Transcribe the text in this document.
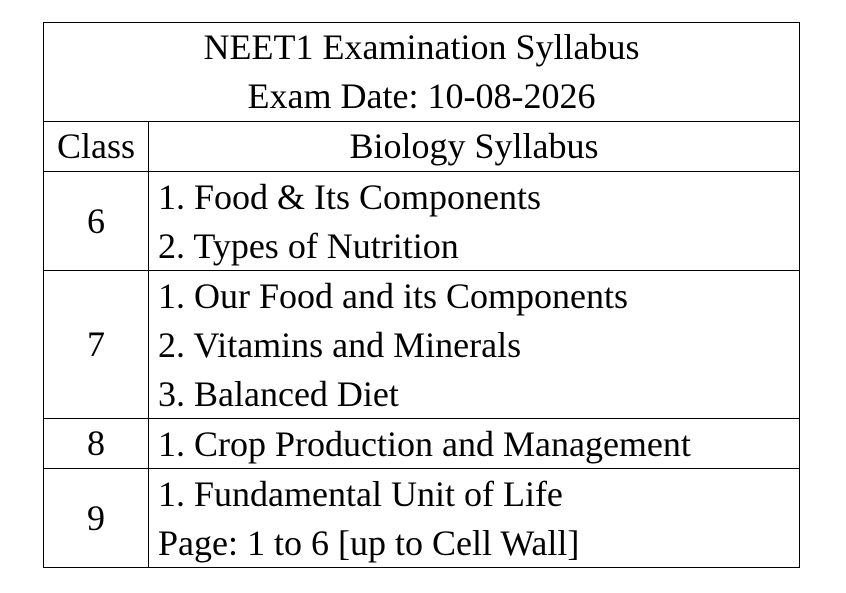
NEET1 Examination Syllabus
Exam Date: 10-08-2026	

Class	Biology Syllabus
6	1. Food & Its Components
2. Types of Nutrition

7	1. Our Food and its Components
2. Vitamins and Minerals
3. Balanced Diet

8	1. Crop Production and Management

9	1. Fundamental Unit of Life
Page: 1 to 6 [up to Cell Wall]
